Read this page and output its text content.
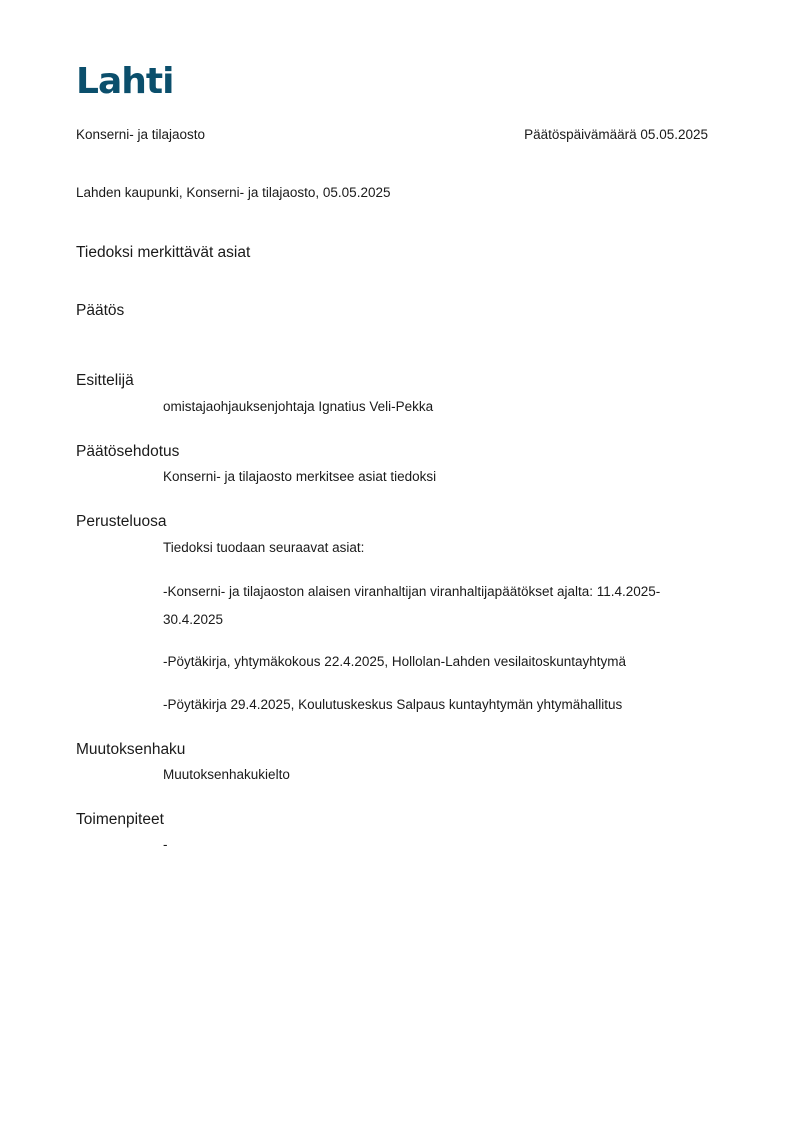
Lahti
Konserni- ja tilajaosto	Päätöspäivämäärä 05.05.2025
Lahden kaupunki, Konserni- ja tilajaosto, 05.05.2025
Tiedoksi merkittävät asiat
Päätös
Esittelijä
omistajaohjauksenjohtaja Ignatius Veli-Pekka
Päätösehdotus
Konserni- ja tilajaosto merkitsee asiat tiedoksi
Perusteluosa
Tiedoksi tuodaan seuraavat asiat:
-Konserni- ja tilajaoston alaisen viranhaltijan viranhaltijapäätökset ajalta: 11.4.2025-
30.4.2025
-Pöytäkirja, yhtymäkokous 22.4.2025, Hollolan-Lahden vesilaitoskuntayhtymä
-Pöytäkirja 29.4.2025, Koulutuskeskus Salpaus kuntayhtymän yhtymähallitus
Muutoksenhaku
Muutoksenhakukielto
Toimenpiteet
-
